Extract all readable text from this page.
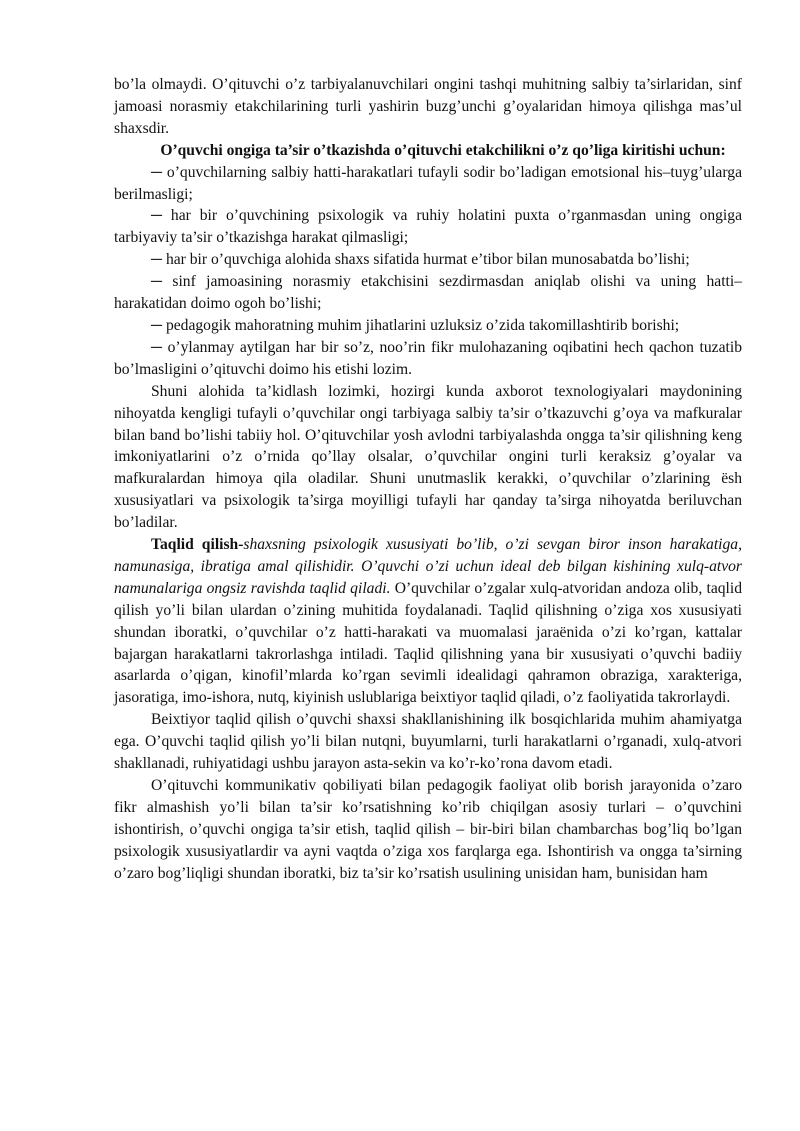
bo’la olmaydi. O’qituvchi o’z tarbiyalanuvchilari ongini tashqi muhitning salbiy ta’sirlaridan, sinf jamoasi norasmiy etakchilarining turli yashirin buzg’unchi g’oyalaridan himoya qilishga mas’ul shaxsdir.

O’quvchi ongiga ta’sir o’tkazishda o’qituvchi etakchilikni o’z qo’liga kiritishi uchun:

─ o’quvchilarning salbiy hatti-harakatlari tufayli sodir bo’ladigan emotsional his–tuyg’ularga berilmasligi;

─ har bir o’quvchining psixologik va ruhiy holatini puxta o’rganmasdan uning ongiga tarbiyaviy ta’sir o’tkazishga harakat qilmasligi;

─ har bir o’quvchiga alohida shaxs sifatida hurmat e’tibor bilan munosabatda bo’lishi;

─ sinf jamoasining norasmiy etakchisini sezdirmasdan aniqlab olishi va uning hatti–harakatidan doimo ogoh bo’lishi;

─ pedagogik mahoratning muhim jihatlarini uzluksiz o’zida takomillashtirib borishi;

─ o’ylanmay aytilgan har bir so’z, noo’rin fikr mulohazaning oqibatini hech qachon tuzatib bo’lmasligini o’qituvchi doimo his etishi lozim.

Shuni alohida ta’kidlash lozimki, hozirgi kunda axborot texnologiyalari maydonining nihoyatda kengligi tufayli o’quvchilar ongi tarbiyaga salbiy ta’sir o’tkazuvchi g’oya va mafkuralar bilan band bo’lishi tabiiy hol. O’qituvchilar yosh avlodni tarbiyalashda ongga ta’sir qilishning keng imkoniyatlarini o’z o’rnida qo’llay olsalar, o’quvchilar ongini turli keraksiz g’oyalar va mafkuralardan himoya qila oladilar. Shuni unutmaslik kerakki, o’quvchilar o’zlarining ësh xususiyatlari va psixologik ta’sirga moyilligi tufayli har qanday ta’sirga nihoyatda beriluvchan bo’ladilar.

Taqlid qilish-shaxsning psixologik xususiyati bo’lib, o’zi sevgan biror inson harakatiga, namunasiga, ibratiga amal qilishidir. O’quvchi o’zi uchun ideal deb bilgan kishining xulq-atvor namunalariga ongsiz ravishda taqlid qiladi. O’quvchilar o’zgalar xulq-atvoridan andoza olib, taqlid qilish yo’li bilan ulardan o’zining muhitida foydalanadi. Taqlid qilishning o’ziga xos xususiyati shundan iboratki, o’quvchilar o’z hatti-harakati va muomalasi jaraënida o’zi ko’rgan, kattalar bajargan harakatlarni takrorlashga intiladi. Taqlid qilishning yana bir xususiyati o’quvchi badiiy asarlarda o’qigan, kinofil’mlarda ko’rgan sevimli idealidagi qahramon obraziga, xarakteriga, jasoratiga, imo-ishora, nutq, kiyinish uslublariga beixtiyor taqlid qiladi, o’z faoliyatida takrorlaydi.

Beixtiyor taqlid qilish o’quvchi shaxsi shakllanishining ilk bosqichlarida muhim ahamiyatga ega. O’quvchi taqlid qilish yo’li bilan nutqni, buyumlarni, turli harakatlarni o’rganadi, xulq-atvori shakllanadi, ruhiyatidagi ushbu jarayon asta-sekin va ko’r-ko’rona davom etadi.

O’qituvchi kommunikativ qobiliyati bilan pedagogik faoliyat olib borish jarayonida o’zaro fikr almashish yo’li bilan ta’sir ko’rsatishning ko’rib chiqilgan asosiy turlari – o’quvchini ishontirish, o’quvchi ongiga ta’sir etish, taqlid qilish – bir-biri bilan chambarchas bog’liq bo’lgan psixologik xususiyatlardir va ayni vaqtda o’ziga xos farqlarga ega. Ishontirish va ongga ta’sirning o’zaro bog’liqligi shundan iboratki, biz ta’sir ko’rsatish usulining unisidan ham, bunisidan ham
